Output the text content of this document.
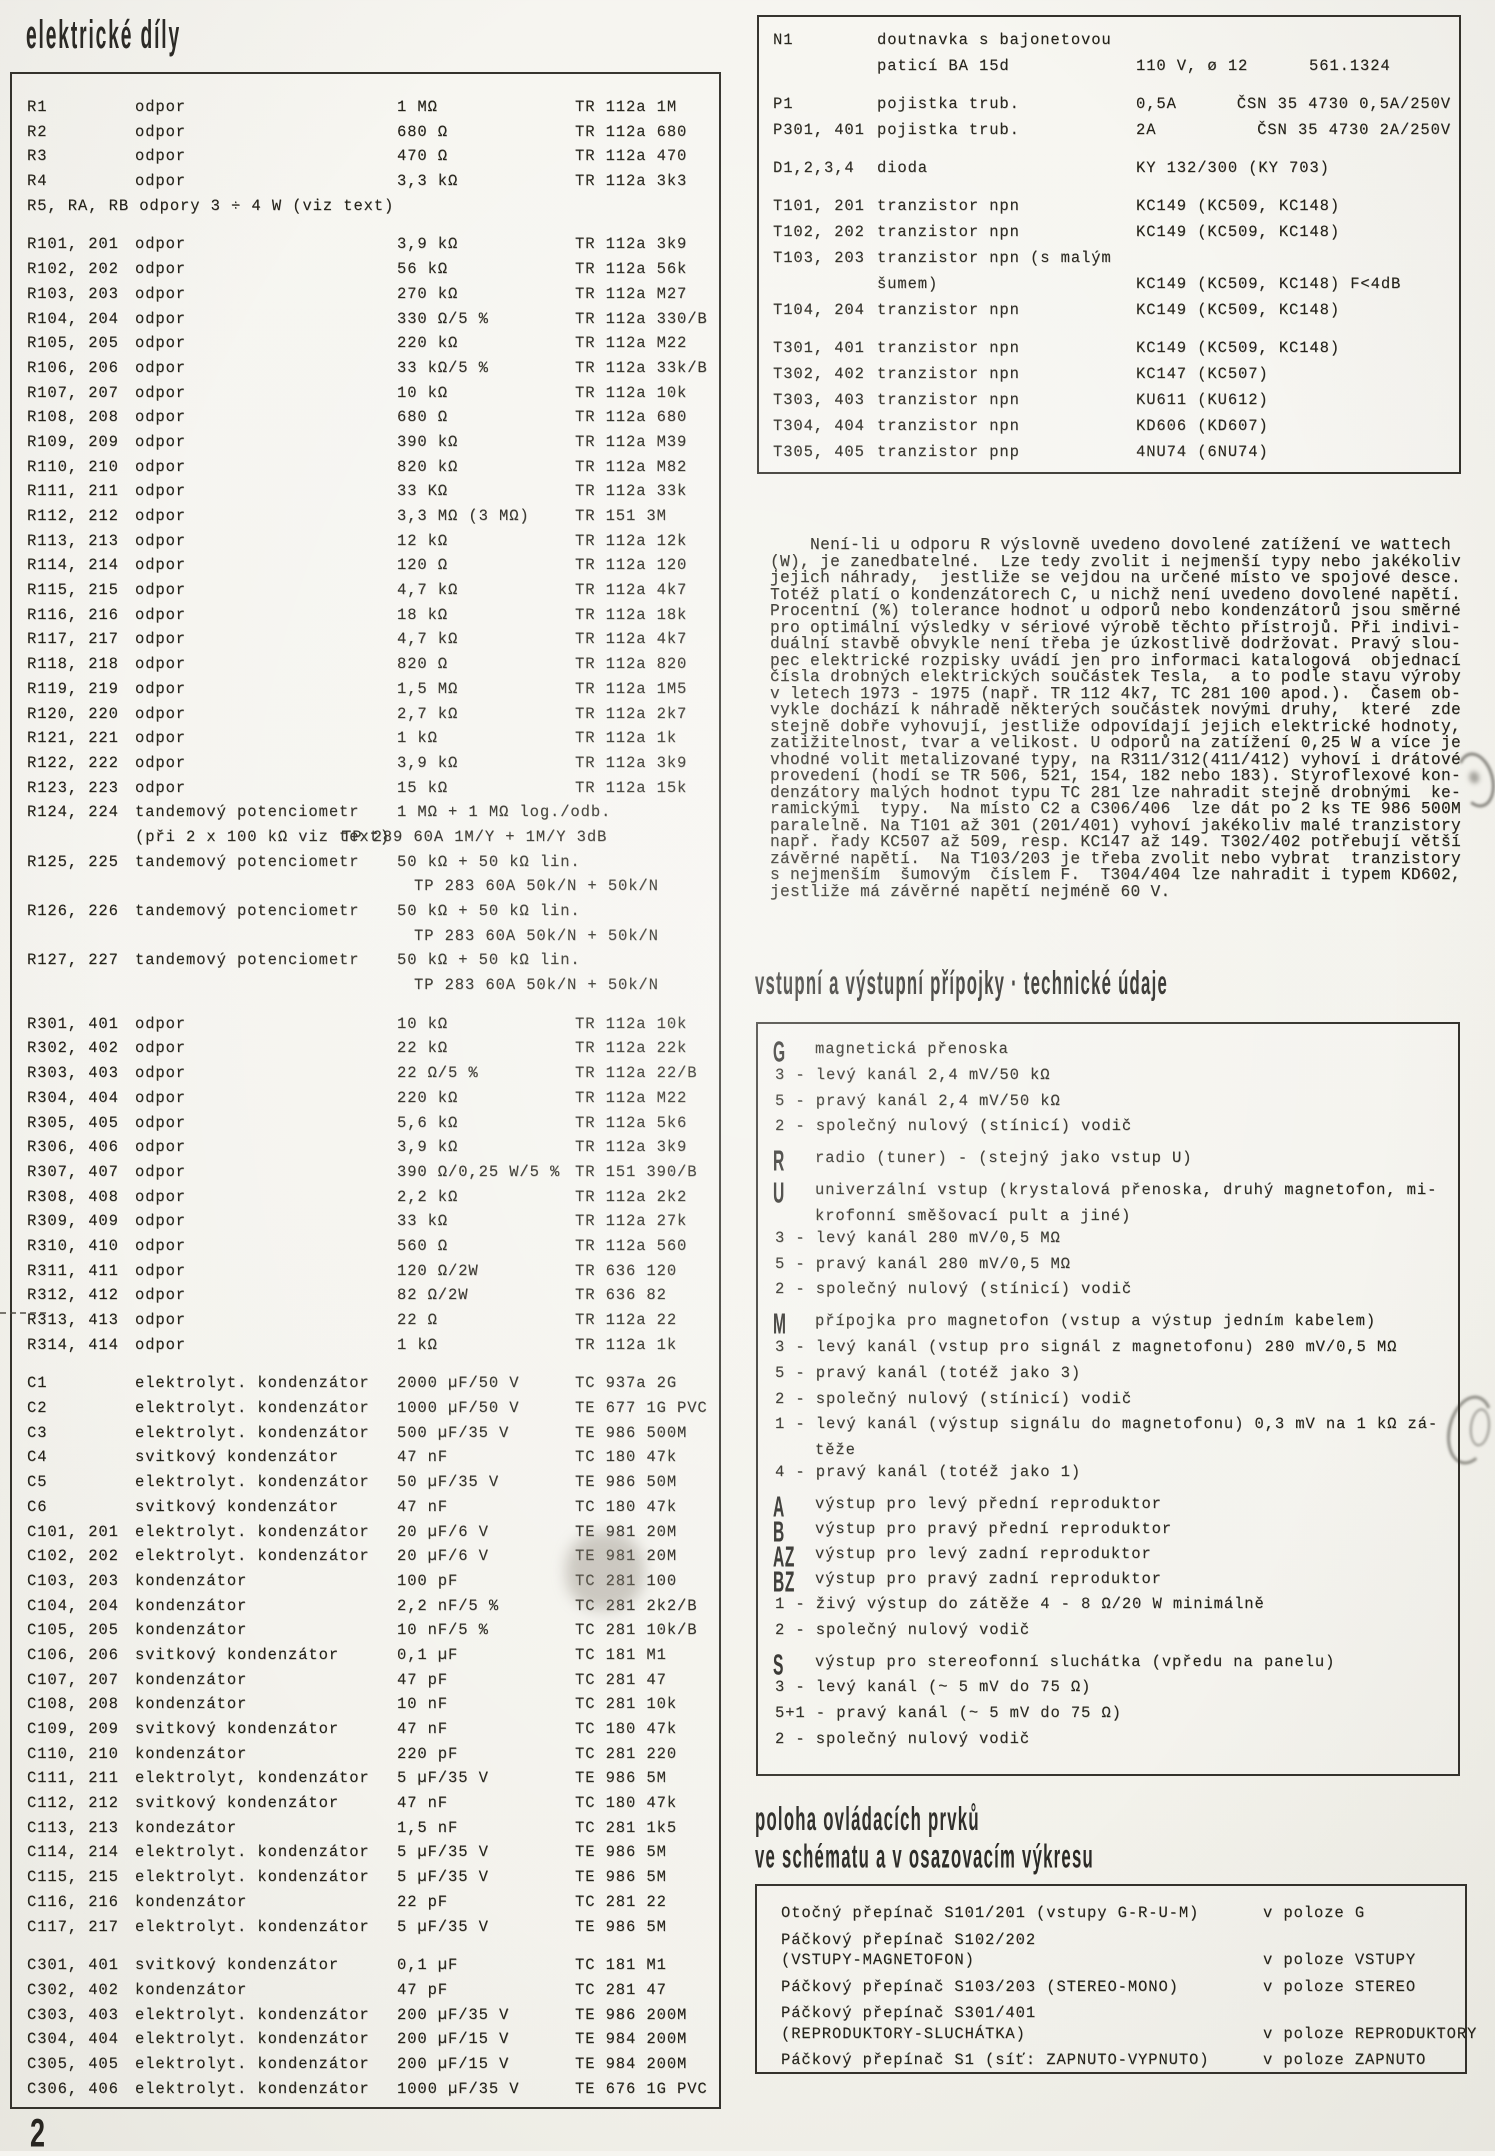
elektrické díly
R1	odpor	1 MΩ	TR 112a 1M
R2	odpor	680 Ω	TR 112a 680
R3	odpor	470 Ω	TR 112a 470
R4	odpor	3,3 kΩ	TR 112a 3k3
R5, RA, RB odpory 3 ÷ 4 W (viz text)
R101, 201 odpor	3,9 kΩ	TR 112a 3k9
R102, 202 odpor	56 kΩ	TR 112a 56k
R103, 203 odpor	270 kΩ	TR 112a M27
R104, 204 odpor	330 Ω/5 %	TR 112a 330/B
R105, 205 odpor	220 kΩ	TR 112a M22
R106, 206 odpor	33 kΩ/5 %	TR 112a 33k/B
R107, 207 odpor	10 kΩ	TR 112a 10k
R108, 208 odpor	680 Ω	TR 112a 680
R109, 209 odpor	390 kΩ	TR 112a M39
R110, 210 odpor	820 kΩ	TR 112a M82
R111, 211 odpor	33 KΩ	TR 112a 33k
R112, 212 odpor	3,3 MΩ (3 MΩ)	TR 151 3M
R113, 213 odpor	12 kΩ	TR 112a 12k
R114, 214 odpor	120 Ω	TR 112a 120
R115, 215 odpor	4,7 kΩ	TR 112a 4k7
R116, 216 odpor	18 kΩ	TR 112a 18k
R117, 217 odpor	4,7 kΩ	TR 112a 4k7
R118, 218 odpor	820 Ω	TR 112a 820
R119, 219 odpor	1,5 MΩ	TR 112a 1M5
R120, 220 odpor	2,7 kΩ	TR 112a 2k7
R121, 221 odpor	1 kΩ	TR 112a 1k
R122, 222 odpor	3,9 kΩ	TR 112a 3k9
R123, 223 odpor	15 kΩ	TR 112a 15k
R124, 224 tandemový potenciometr 1 MΩ + 1 MΩ log./odb.
(při 2 x 100 kΩ viz text)
TP 289 60A 1M/Y + 1M/Y 3dB
R125, 225 tandemový potenciometr 50 kΩ + 50 kΩ lin.
TP 283 60A 50k/N + 50k/N
R126, 226 tandemový potenciometr 50 kΩ + 50 kΩ lin.
TP 283 60A 50k/N + 50k/N
R127, 227 tandemový potenciometr 50 kΩ + 50 kΩ lin.
TP 283 60A 50k/N + 50k/N
R301, 401 odpor	10 kΩ	TR 112a 10k
R302, 402 odpor	22 kΩ	TR 112a 22k
R303, 403 odpor	22 Ω/5 %	TR 112a 22/B
R304, 404 odpor	220 kΩ	TR 112a M22
R305, 405 odpor	5,6 kΩ	TR 112a 5k6
R306, 406 odpor	3,9 kΩ	TR 112a 3k9
R307, 407 odpor	390 Ω/0,25 W/5 % TR 151 390/B
R308, 408 odpor	2,2 kΩ	TR 112a 2k2
R309, 409 odpor	33 kΩ	TR 112a 27k
R310, 410 odpor	560 Ω	TR 112a 560
R311, 411 odpor	120 Ω/2W	TR 636 120
R312, 412 odpor	82 Ω/2W	TR 636 82
R313, 413 odpor	22 Ω	TR 112a 22
R314, 414 odpor	1 kΩ	TR 112a 1k
C1	elektrolyt. kondenzátor 2000 µF/50 V	TC 937a 2G
C2	elektrolyt. kondenzátor 1000 µF/50 V	TE 677 1G PVC
C3	elektrolyt. kondenzátor 500 µF/35 V	TE 986 500M
C4	svitkový kondenzátor	47 nF	TC 180 47k
C5	elektrolyt. kondenzátor 50 µF/35 V	TE 986 50M
C6	svitkový kondenzátor	47 nF	TC 180 47k
C101, 201 elektrolyt. kondenzátor 20 µF/6 V	TE 981 20M
C102, 202 elektrolyt. kondenzátor 20 µF/6 V	TE 981 20M
C103, 203 kondenzátor	100 pF	TC 281 100
C104, 204 kondenzátor	2,2 nF/5 %	TC 281 2k2/B
C105, 205 kondenzátor	10 nF/5 %	TC 281 10k/B
C106, 206 svitkový kondenzátor	0,1 µF	TC 181 M1
C107, 207 kondenzátor	47 pF	TC 281 47
C108, 208 kondenzátor	10 nF	TC 281 10k
C109, 209 svitkový kondenzátor	47 nF	TC 180 47k
C110, 210 kondenzátor	220 pF	TC 281 220
C111, 211 elektrolyt, kondenzátor 5 µF/35 V	TE 986 5M
C112, 212 svitkový kondenzátor	47 nF	TC 180 47k
C113, 213 kondezátor	1,5 nF	TC 281 1k5
C114, 214 elektrolyt. kondenzátor 5 µF/35 V	TE 986 5M
C115, 215 elektrolyt. kondenzátor 5 µF/35 V	TE 986 5M
C116, 216 kondenzátor	22 pF	TC 281 22
C117, 217 elektrolyt. kondenzátor 5 µF/35 V	TE 986 5M
C301, 401 svitkový kondenzátor	0,1 µF	TC 181 M1
C302, 402 kondenzátor	47 pF	TC 281 47
C303, 403 elektrolyt. kondenzátor 200 µF/35 V	TE 986 200M
C304, 404 elektrolyt. kondenzátor 200 µF/15 V	TE 984 200M
C305, 405 elektrolyt. kondenzátor 200 µF/15 V	TE 984 200M
C306, 406 elektrolyt. kondenzátor 1000 µF/35 V	TE 676 1G PVC
N1	doutnavka s bajonetovou
paticí BA 15d	110 V, ø 12	561.1324
P1	pojistka trub.	0,5A	ČSN 35 4730 0,5A/250V
P301, 401 pojistka trub.	2A	ČSN 35 4730 2A/250V
D1,2,3,4 dioda	KY 132/300 (KY 703)
T101, 201 tranzistor npn	KC149 (KC509, KC148)
T102, 202 tranzistor npn	KC149 (KC509, KC148)
T103, 203 tranzistor npn (s malým
šumem)	KC149 (KC509, KC148) F<4dB
T104, 204 tranzistor npn	KC149 (KC509, KC148)
T301, 401 tranzistor npn	KC149 (KC509, KC148)
T302, 402 tranzistor npn	KC147 (KC507)
T303, 403 tranzistor npn	KU611 (KU612)
T304, 404 tranzistor npn	KD606 (KD607)
T305, 405 tranzistor pnp	4NU74 (6NU74)
Není-li u odporu R výslovně uvedeno dovolené zatížení ve wattech
(W), je zanedbatelné.  Lze tedy zvolit i nejmenší typy nebo jakékoliv
jejich náhrady,  jestliže se vejdou na určené místo ve spojové desce.
Totéž platí o kondenzátorech C, u nichž není uvedeno dovolené napětí.
Procentní (%) tolerance hodnot u odporů nebo kondenzátorů jsou směrné
pro optimální výsledky v sériové výrobě těchto přístrojů. Při indivi-
duální stavbě obvykle není třeba je úzkostlivě dodržovat. Pravý slou-
pec elektrické rozpisky uvádí jen pro informaci katalogová  objednací
čísla drobných elektrických součástek Tesla,  a to podle stavu výroby
v letech 1973 - 1975 (např. TR 112 4k7, TC 281 100 apod.).  Časem ob-
vykle dochází k náhradě některých součástek novými druhy,  které  zde
stejně dobře vyhovují, jestliže odpovídají jejich elektrické hodnoty,
zatižitelnost, tvar a velikost. U odporů na zatížení 0,25 W a více je
vhodné volit metalizované typy, na R311/312(411/412) vyhoví i drátové
provedení (hodí se TR 506, 521, 154, 182 nebo 183). Styroflexové kon-
denzátory malých hodnot typu TC 281 lze nahradit stejně drobnými  ke-
ramickými  typy.  Na místo C2 a C306/406  lze dát po 2 ks TE 986 500M
paralelně. Na T101 až 301 (201/401) vyhoví jakékoliv malé tranzistory
např. řady KC507 až 509, resp. KC147 až 149. T302/402 potřebují větší
závěrné napětí.  Na T103/203 je třeba zvolit nebo vybrat  tranzistory
s nejmenším  šumovým  číslem F.  T304/404 lze nahradit i typem KD602,
jestliže má závěrné napětí nejméně 60 V.
vstupní a výstupní přípojky · technické údaje
G magnetická přenoska
3 - levý kanál 2,4 mV/50 kΩ
5 - pravý kanál 2,4 mV/50 kΩ
2 - společný nulový (stínicí) vodič
R radio (tuner) - (stejný jako vstup U)
U univerzální vstup (krystalová přenoska, druhý magnetofon, mi-
krofonní směšovací pult a jiné)
3 - levý kanál 280 mV/0,5 MΩ
5 - pravý kanál 280 mV/0,5 MΩ
2 - společný nulový (stínicí) vodič
M přípojka pro magnetofon (vstup a výstup jedním kabelem)
3 - levý kanál (vstup pro signál z magnetofonu) 280 mV/0,5 MΩ
5 - pravý kanál (totéž jako 3)
2 - společný nulový (stínicí) vodič
1 - levý kanál (výstup signálu do magnetofonu) 0,3 mV na 1 kΩ zá-
těže
4 - pravý kanál (totéž jako 1)
A výstup pro levý přední reproduktor
B výstup pro pravý přední reproduktor
AZ výstup pro levý zadní reproduktor
BZ výstup pro pravý zadní reproduktor
1 - živý výstup do zátěže 4 - 8 Ω/20 W minimálně
2 - společný nulový vodič
S výstup pro stereofonní sluchátka (vpředu na panelu)
3 - levý kanál (~ 5 mV do 75 Ω)
5+1 - pravý kanál (~ 5 mV do 75 Ω)
2 - společný nulový vodič
poloha ovládacích prvků
ve schématu a v osazovacím výkresu
Otočný přepínač S101/201 (vstupy G-R-U-M)	v poloze G
Páčkový přepínač S102/202
(VSTUPY-MAGNETOFON)	v poloze VSTUPY
Páčkový přepínač S103/203 (STEREO-MONO)	v poloze STEREO
Páčkový přepínač S301/401
(REPRODUKTORY-SLUCHÁTKA)	v poloze REPRODUKTORY
Páčkový přepínač S1 (síť: ZAPNUTO-VYPNUTO)	v poloze ZAPNUTO
2
